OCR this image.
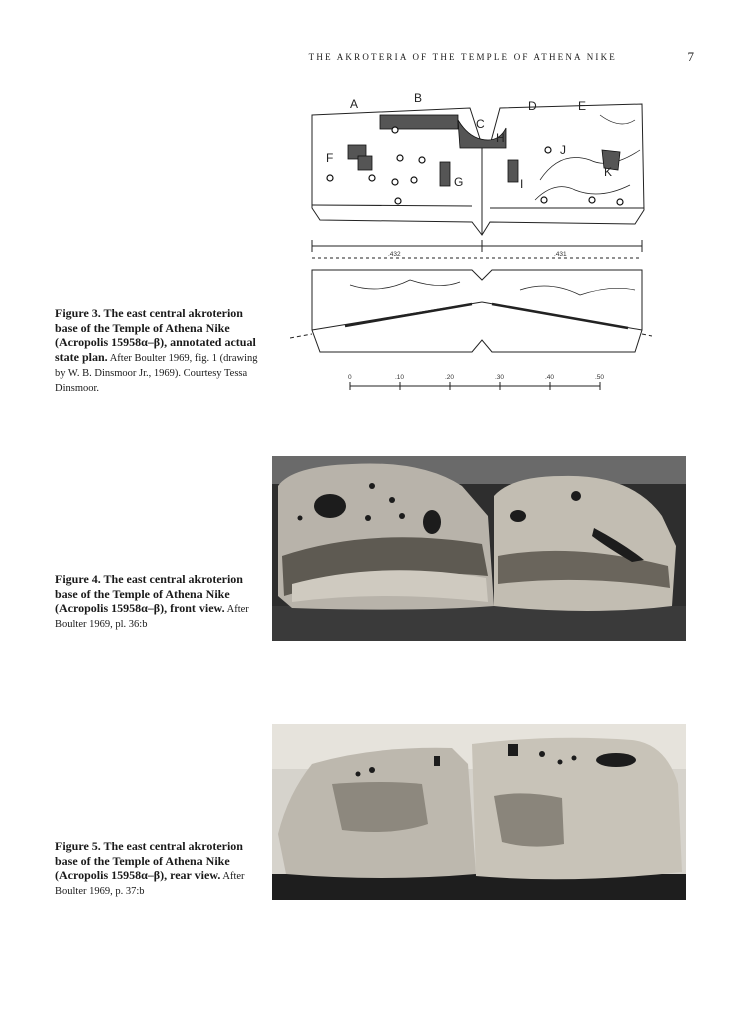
THE AKROTERIA OF THE TEMPLE OF ATHENA NIKE	7
A	B
C
D	E
F
G
H
I
J
K
.432	.431
0	.10	.20	.30	.40	.50
Figure 3. The east central akroterion base of the Temple of Athena Nike (Acropolis 15958α–β), annotated actual state plan. After Boulter 1969, fig. 1 (drawing by W. B. Dinsmoor Jr., 1969). Courtesy Tessa Dinsmoor.
Figure 4. The east central akroterion base of the Temple of Athena Nike (Acropolis 15958α–β), front view. After Boulter 1969, pl. 36:b
Figure 5. The east central akroterion base of the Temple of Athena Nike (Acropolis 15958α–β), rear view. After Boulter 1969, p. 37:b
